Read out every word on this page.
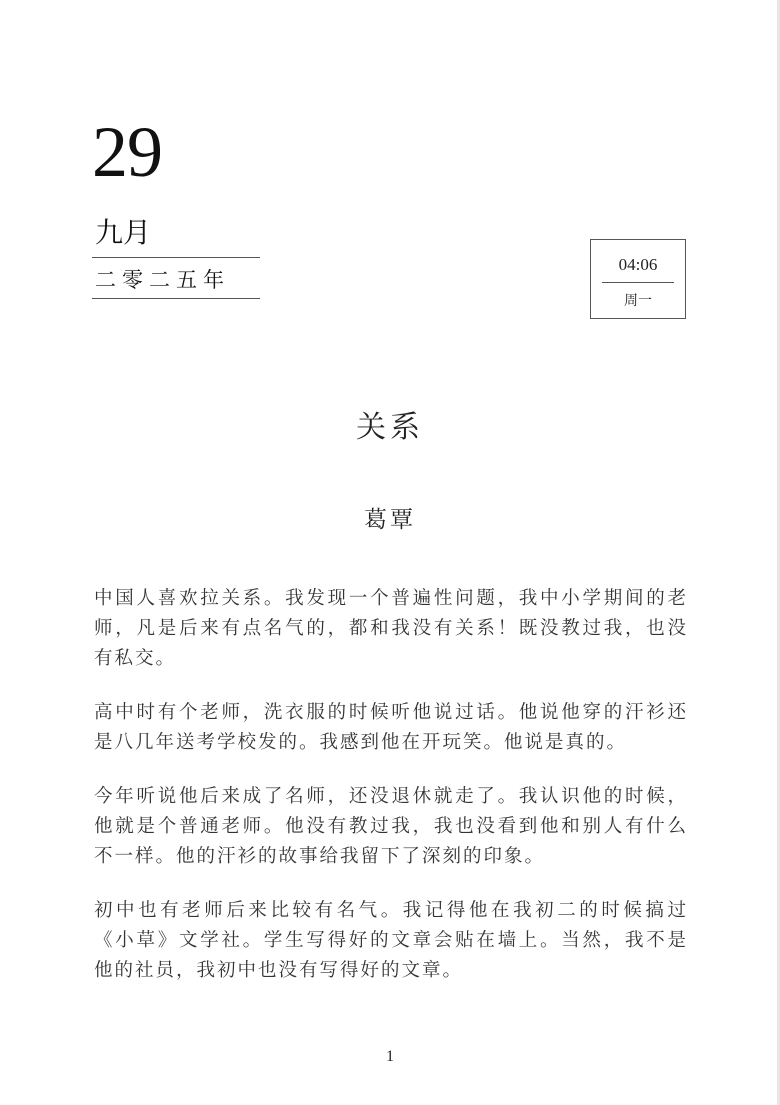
29
九月
二零二五年
04:06
周一
关系
葛覃

中国人喜欢拉关系。我发现一个普遍性问题，我中小学期间的老师，凡是后来有点名气的，都和我没有关系！既没教过我，也没有私交。

高中时有个老师，洗衣服的时候听他说过话。他说他穿的汗衫还是八几年送考学校发的。我感到他在开玩笑。他说是真的。

今年听说他后来成了名师，还没退休就走了。我认识他的时候，他就是个普通老师。他没有教过我，我也没看到他和别人有什么不一样。他的汗衫的故事给我留下了深刻的印象。

初中也有老师后来比较有名气。我记得他在我初二的时候搞过《小草》文学社。学生写得好的文章会贴在墙上。当然，我不是他的社员，我初中也没有写得好的文章。

1
